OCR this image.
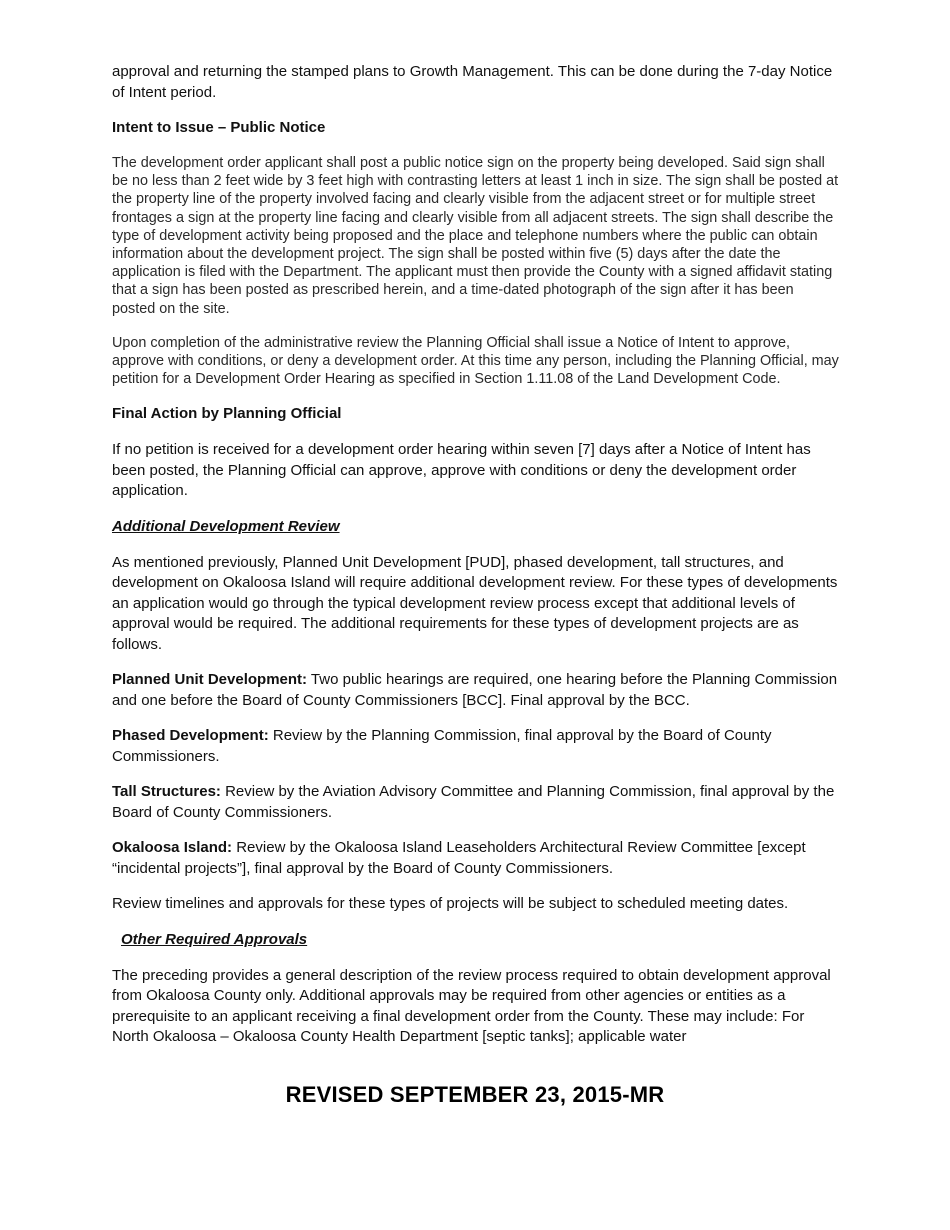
approval and returning the stamped plans to Growth Management. This can be done during the 7-day Notice of Intent period.

Intent to Issue – Public Notice

The development order applicant shall post a public notice sign on the property being developed. Said sign shall be no less than 2 feet wide by 3 feet high with contrasting letters at least 1 inch in size. The sign shall be posted at the property line of the property involved facing and clearly visible from the adjacent street or for multiple street frontages a sign at the property line facing and clearly visible from all adjacent streets. The sign shall describe the type of development activity being proposed and the place and telephone numbers where the public can obtain information about the development project. The sign shall be posted within five (5) days after the date the application is filed with the Department. The applicant must then provide the County with a signed affidavit stating that a sign has been posted as prescribed herein, and a time-dated photograph of the sign after it has been posted on the site.

Upon completion of the administrative review the Planning Official shall issue a Notice of Intent to approve, approve with conditions, or deny a development order. At this time any person, including the Planning Official, may petition for a Development Order Hearing as specified in Section 1.11.08 of the Land Development Code.

Final Action by Planning Official

If no petition is received for a development order hearing within seven [7] days after a Notice of Intent has been posted, the Planning Official can approve, approve with conditions or deny the development order application.

Additional Development Review

As mentioned previously, Planned Unit Development [PUD], phased development, tall structures, and development on Okaloosa Island will require additional development review. For these types of developments an application would go through the typical development review process except that additional levels of approval would be required. The additional requirements for these types of development projects are as follows.

Planned Unit Development: Two public hearings are required, one hearing before the Planning Commission and one before the Board of County Commissioners [BCC]. Final approval by the BCC.

Phased Development: Review by the Planning Commission, final approval by the Board of County Commissioners.

Tall Structures: Review by the Aviation Advisory Committee and Planning Commission, final approval by the Board of County Commissioners.

Okaloosa Island: Review by the Okaloosa Island Leaseholders Architectural Review Committee [except “incidental projects”], final approval by the Board of County Commissioners.

Review timelines and approvals for these types of projects will be subject to scheduled meeting dates.

Other Required Approvals

The preceding provides a general description of the review process required to obtain development approval from Okaloosa County only. Additional approvals may be required from other agencies or entities as a prerequisite to an applicant receiving a final development order from the County. These may include: For North Okaloosa – Okaloosa County Health Department [septic tanks]; applicable water

REVISED SEPTEMBER 23, 2015-MR
